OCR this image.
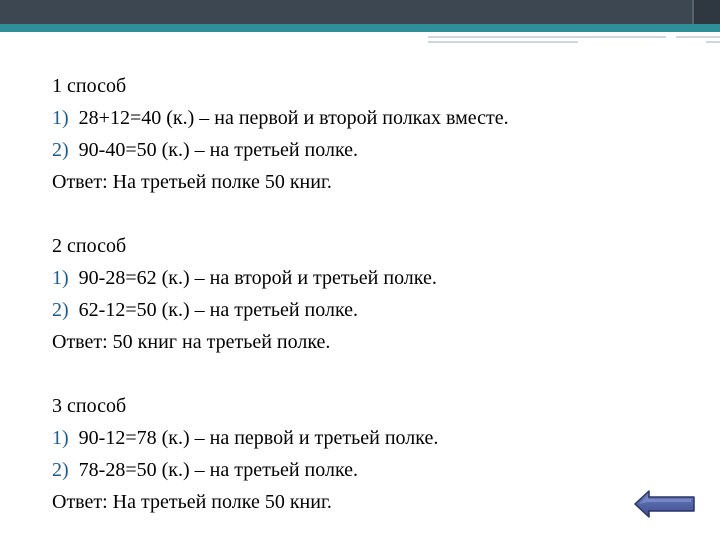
1 способ
1) 28+12=40 (к.) – на первой и второй полках вместе.
2) 90-40=50 (к.) – на третьей полке.
Ответ: На третьей полке 50 книг.
2 способ
1) 90-28=62 (к.) – на второй и третьей полке.
2) 62-12=50 (к.) – на третьей полке.
Ответ: 50 книг на третьей полке.
3 способ
1) 90-12=78 (к.) – на первой и третьей полке.
2) 78-28=50 (к.) – на третьей полке.
Ответ: На третьей полке 50 книг.
